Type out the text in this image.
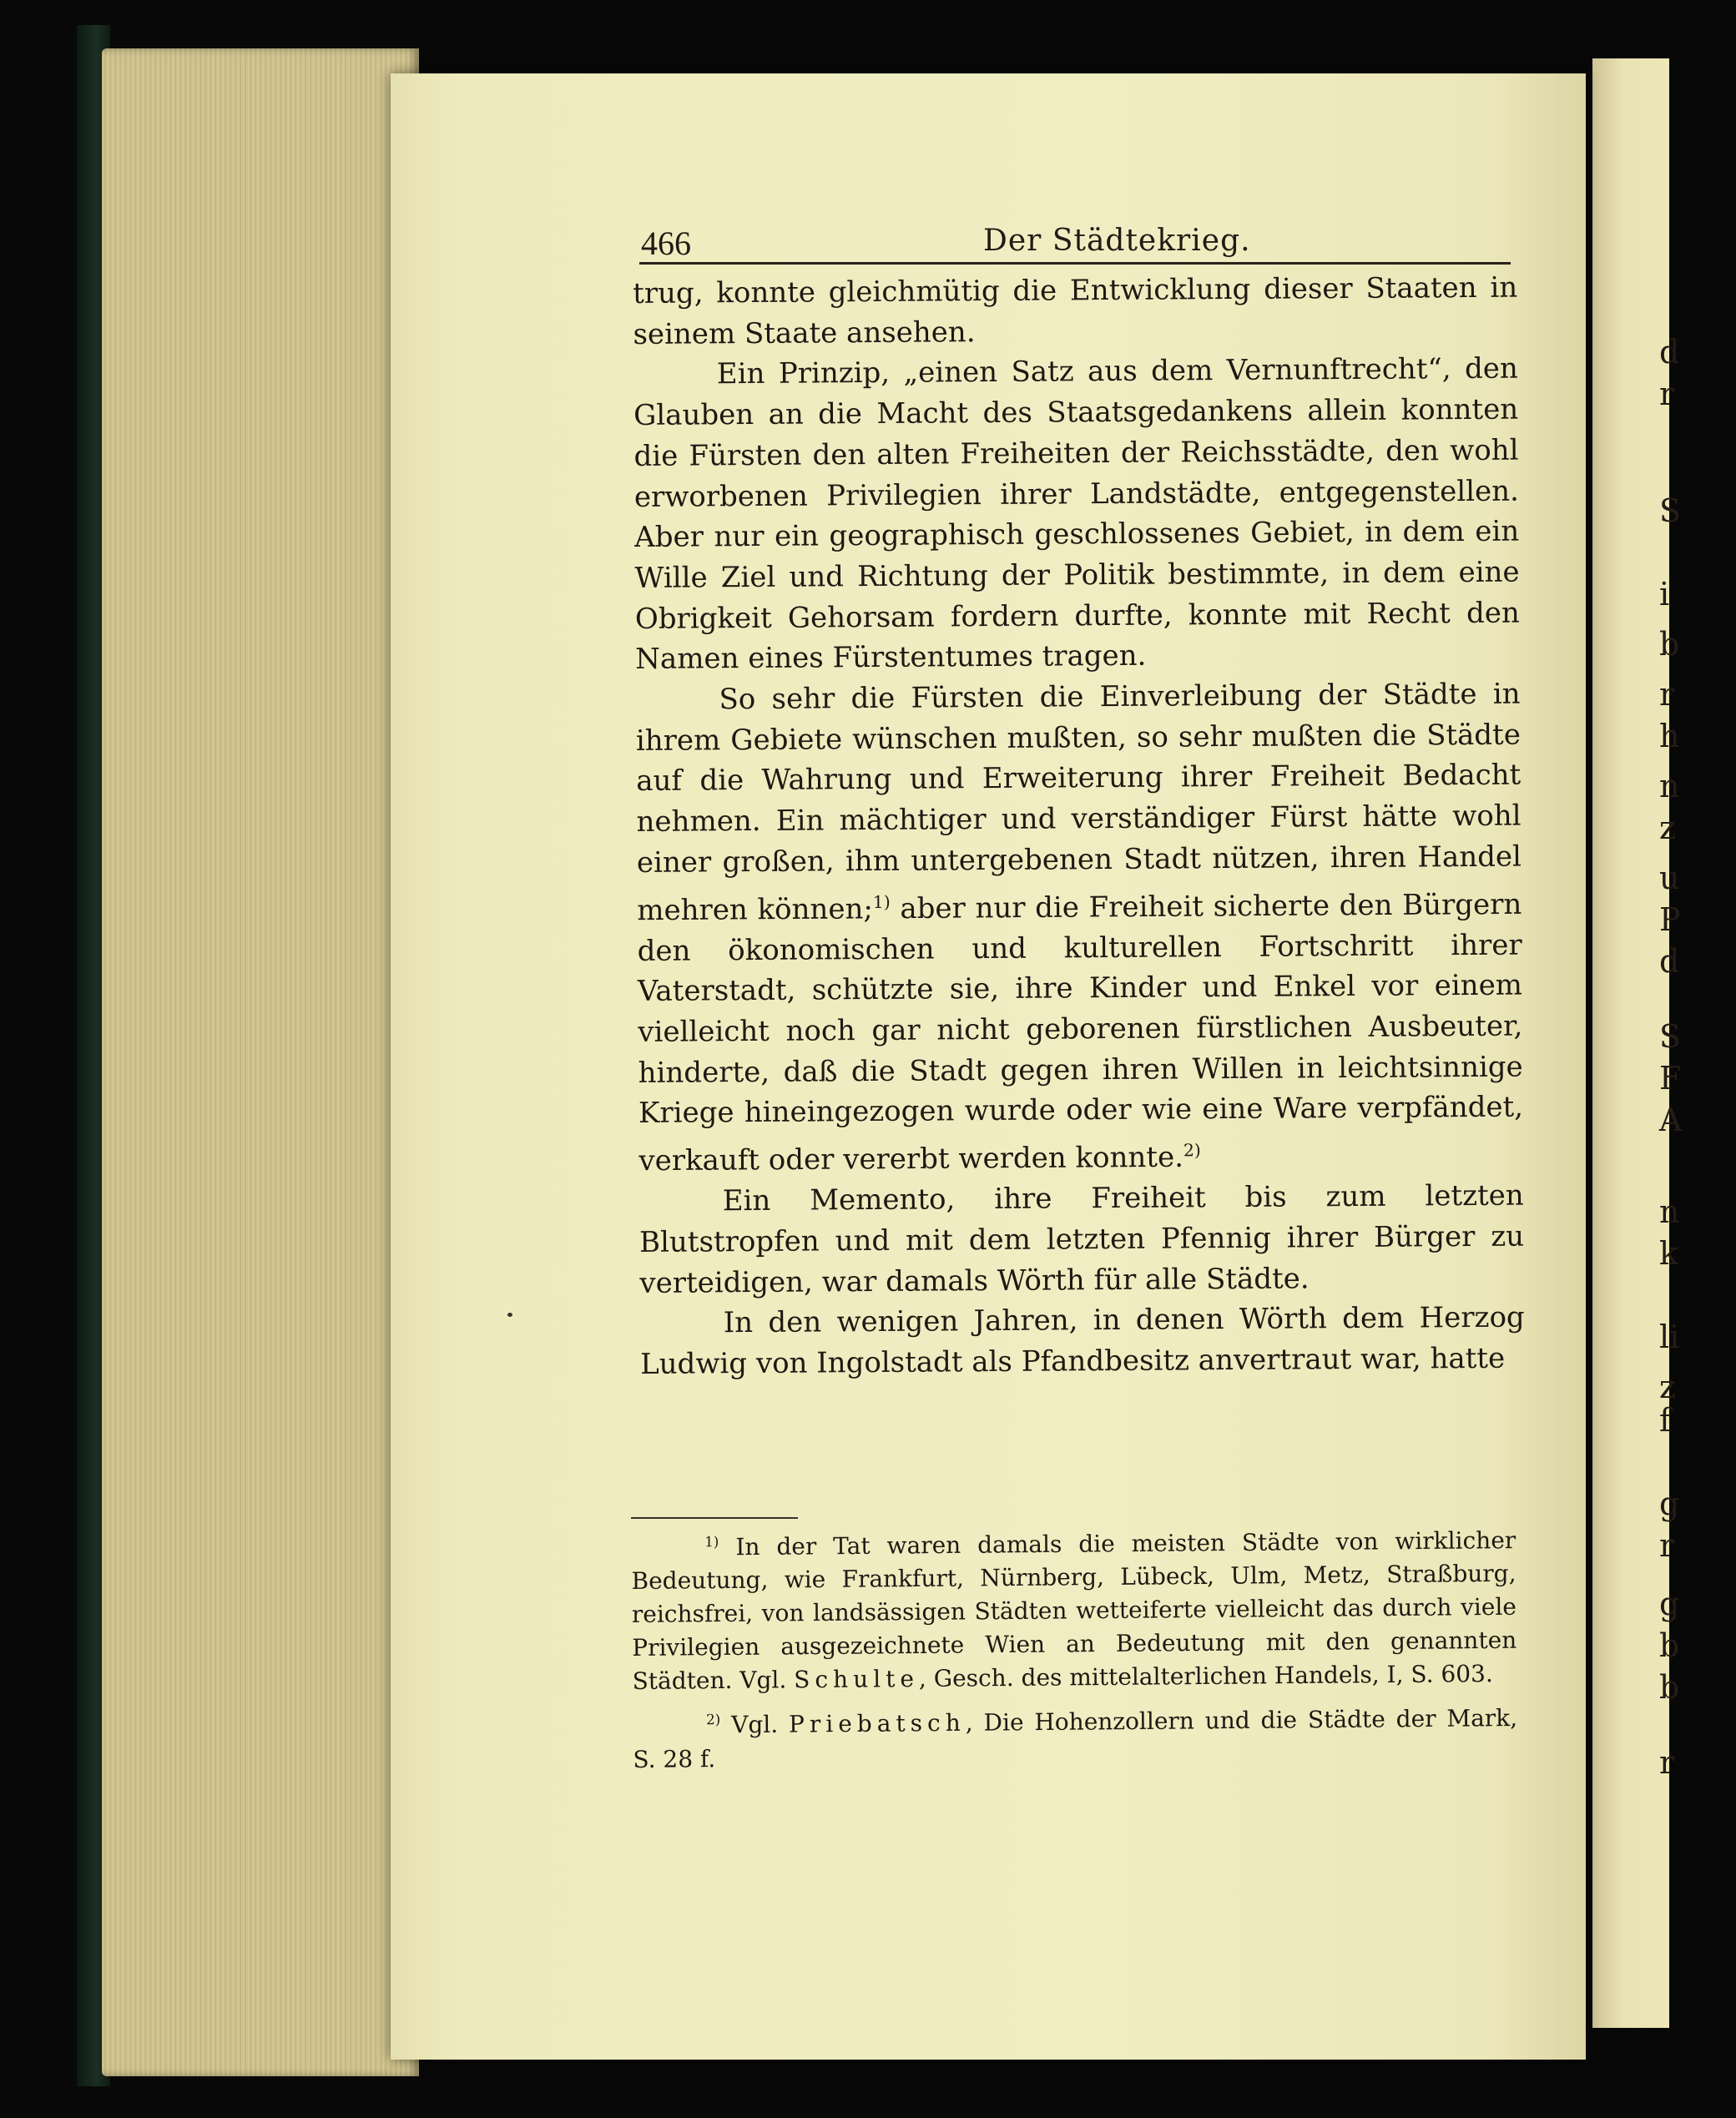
d
r
S
i
b
r
h
n
z
u
P
d
S
F
A
n
k
li
z
f
g
r
g
b
b
r
466	Der Städtekrieg.

trug, konnte gleichmütig die Entwicklung dieser Staaten in seinem Staate ansehen.

Ein Prinzip, „einen Satz aus dem Vernunftrecht“, den Glauben an die Macht des Staatsgedankens allein konnten die Fürsten den alten Freiheiten der Reichsstädte, den wohl erworbenen Privilegien ihrer Landstädte, entgegenstellen. Aber nur ein geographisch geschlossenes Gebiet, in dem ein Wille Ziel und Richtung der Politik bestimmte, in dem eine Obrigkeit Gehorsam fordern durfte, konnte mit Recht den Namen eines Fürstentumes tragen.

So sehr die Fürsten die Einverleibung der Städte in ihrem Gebiete wünschen mußten, so sehr mußten die Städte auf die Wahrung und Erweiterung ihrer Freiheit Bedacht nehmen. Ein mächtiger und verständiger Fürst hätte wohl einer großen, ihm untergebenen Stadt nützen, ihren Handel mehren können;$^{1)}$ aber nur die Freiheit sicherte den Bürgern den ökonomischen und kulturellen Fortschritt ihrer Vaterstadt, schützte sie, ihre Kinder und Enkel vor einem vielleicht noch gar nicht geborenen fürstlichen Ausbeuter, hinderte, daß die Stadt gegen ihren Willen in leichtsinnige Kriege hineingezogen wurde oder wie eine Ware verpfändet, verkauft oder vererbt werden konnte.$^{2)}$

Ein Memento, ihre Freiheit bis zum letzten Blutstropfen und mit dem letzten Pfennig ihrer Bürger zu verteidigen, war damals Wörth für alle Städte.

In den wenigen Jahren, in denen Wörth dem Herzog Ludwig von Ingolstadt als Pfandbesitz anvertraut war, hatte

$^{1)}$ In der Tat waren damals die meisten Städte von wirklicher Bedeutung, wie Frankfurt, Nürnberg, Lübeck, Ulm, Metz, Straßburg, reichsfrei, von landsässigen Städten wetteiferte vielleicht das durch viele Privilegien ausgezeichnete Wien an Bedeutung mit den genannten Städten. Vgl. Schulte, Gesch. des mittelalterlichen Handels, I, S. 603.

$^{2)}$ Vgl. Priebatsch, Die Hohenzollern und die Städte der Mark, S. 28 f.
